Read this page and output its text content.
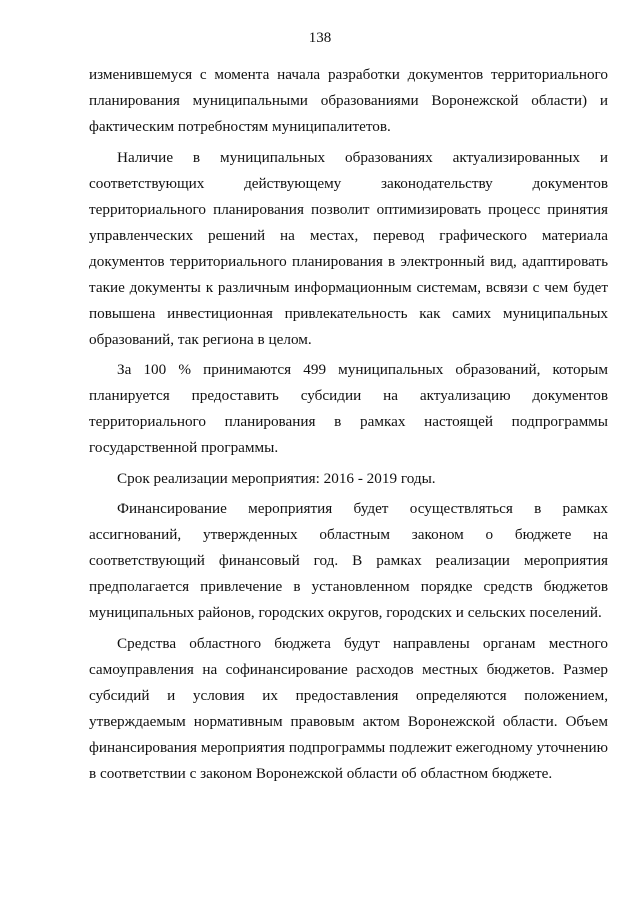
138

изменившемуся с момента начала разработки документов территориального планирования муниципальными образованиями Воронежской области) и фактическим потребностям муниципалитетов.

Наличие в муниципальных образованиях актуализированных и соответствующих действующему законодательству документов территориального планирования позволит оптимизировать процесс принятия управленческих решений на местах, перевод графического материала документов территориального планирования в электронный вид, адаптировать такие документы к различным информационным системам, всвязи с чем будет повышена инвестиционная привлекательность как самих муниципальных образований, так региона в целом.

За 100 % принимаются 499 муниципальных образований, которым планируется предоставить субсидии на актуализацию документов территориального планирования в рамках настоящей подпрограммы государственной программы.

Срок реализации мероприятия: 2016 - 2019 годы.

Финансирование мероприятия будет осуществляться в рамках ассигнований, утвержденных областным законом о бюджете на соответствующий финансовый год. В рамках реализации мероприятия предполагается привлечение в установленном порядке средств бюджетов муниципальных районов, городских округов, городских и сельских поселений.

Средства областного бюджета будут направлены органам местного самоуправления на софинансирование расходов местных бюджетов. Размер субсидий и условия их предоставления определяются положением, утверждаемым нормативным правовым актом Воронежской области. Объем финансирования мероприятия подпрограммы подлежит ежегодному уточнению в соответствии с законом Воронежской области об областном бюджете.
